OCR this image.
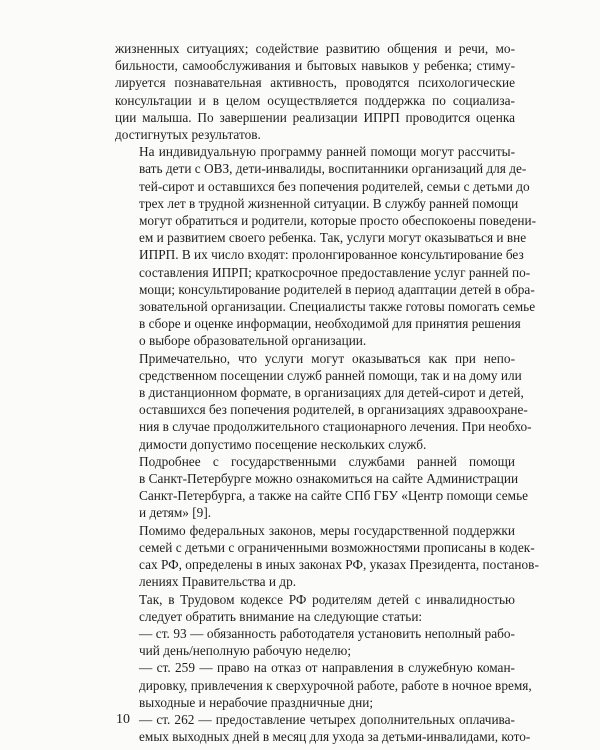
жизненных ситуациях; содействие развитию общения и речи, мо-
бильности, самообслуживания и бытовых навыков у ребенка; стиму-
лируется познавательная активность, проводятся психологические
консультации и в целом осуществляется поддержка по социализа-
ции малыша. По завершении реализации ИПРП проводится оценка
достигнутых результатов.

На индивидуальную программу ранней помощи могут рассчиты-
вать дети с ОВЗ, дети-инвалиды, воспитанники организаций для де-
тей-сирот и оставшихся без попечения родителей, семьи с детьми до
трех лет в трудной жизненной ситуации. В службу ранней помощи
могут обратиться и родители, которые просто обеспокоены поведени-
ем и развитием своего ребенка. Так, услуги могут оказываться и вне
ИПРП. В их число входят: пролонгированное консультирование без
составления ИПРП; краткосрочное предоставление услуг ранней по-
мощи; консультирование родителей в период адаптации детей в обра-
зовательной организации. Специалисты также готовы помогать семье
в сборе и оценке информации, необходимой для принятия решения
о выборе образовательной организации.

Примечательно, что услуги могут оказываться как при непо-
средственном посещении служб ранней помощи, так и на дому или
в дистанционном формате, в организациях для детей-сирот и детей,
оставшихся без попечения родителей, в организациях здравоохране-
ния в случае продолжительного стационарного лечения. При необхо-
димости допустимо посещение нескольких служб.

Подробнее с государственными службами ранней помощи
в Санкт-Петербурге можно ознакомиться на сайте Администрации
Санкт-Петербурга, а также на сайте СПб ГБУ «Центр помощи семье
и детям» [9].

Помимо федеральных законов, меры государственной поддержки
семей с детьми с ограниченными возможностями прописаны в кодек-
сах РФ, определены в иных законах РФ, указах Президента, постанов-
лениях Правительства и др.

Так, в Трудовом кодексе РФ родителям детей с инвалидностью
следует обратить внимание на следующие статьи:

— ст. 93 — обязанность работодателя установить неполный рабо-
чий день/неполную рабочую неделю;

— ст. 259 — право на отказ от направления в служебную коман-
дировку, привлечения к сверхурочной работе, работе в ночное время,
выходные и нерабочие праздничные дни;

— ст. 262 — предоставление четырех дополнительных оплачива-
емых выходных дней в месяц для ухода за детьми-инвалидами, кото-

10
